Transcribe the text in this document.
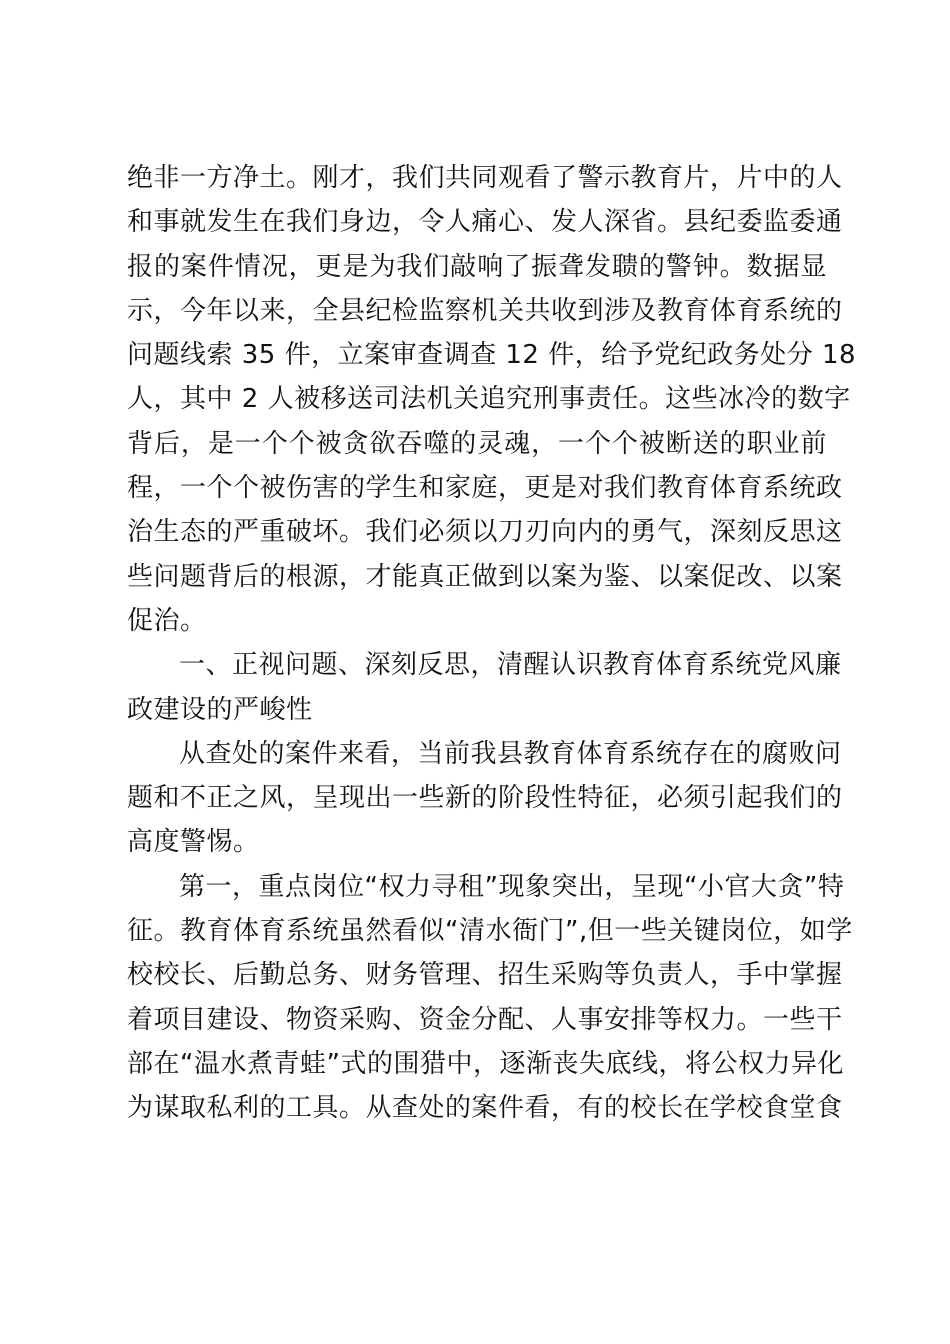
绝非一方净土。刚才，我们共同观看了警示教育片，片中的人
和事就发生在我们身边，令人痛心、发人深省。县纪委监委通
报的案件情况，更是为我们敲响了振聋发聩的警钟。数据显
示，今年以来，全县纪检监察机关共收到涉及教育体育系统的
问题线索 35 件，立案审查调查 12 件，给予党纪政务处分 18
人，其中 2 人被移送司法机关追究刑事责任。这些冰冷的数字
背后，是一个个被贪欲吞噬的灵魂，一个个被断送的职业前
程，一个个被伤害的学生和家庭，更是对我们教育体育系统政
治生态的严重破坏。我们必须以刀刃向内的勇气，深刻反思这
些问题背后的根源，才能真正做到以案为鉴、以案促改、以案
促治。
一、正视问题、深刻反思，清醒认识教育体育系统党风廉
政建设的严峻性
从查处的案件来看，当前我县教育体育系统存在的腐败问
题和不正之风，呈现出一些新的阶段性特征，必须引起我们的
高度警惕。
第一，重点岗位“权力寻租”现象突出，呈现“小官大贪”特
征。教育体育系统虽然看似“清水衙门”,但一些关键岗位，如学
校校长、后勤总务、财务管理、招生采购等负责人，手中掌握
着项目建设、物资采购、资金分配、人事安排等权力。一些干
部在“温水煮青蛙”式的围猎中，逐渐丧失底线，将公权力异化
为谋取私利的工具。从查处的案件看，有的校长在学校食堂食
